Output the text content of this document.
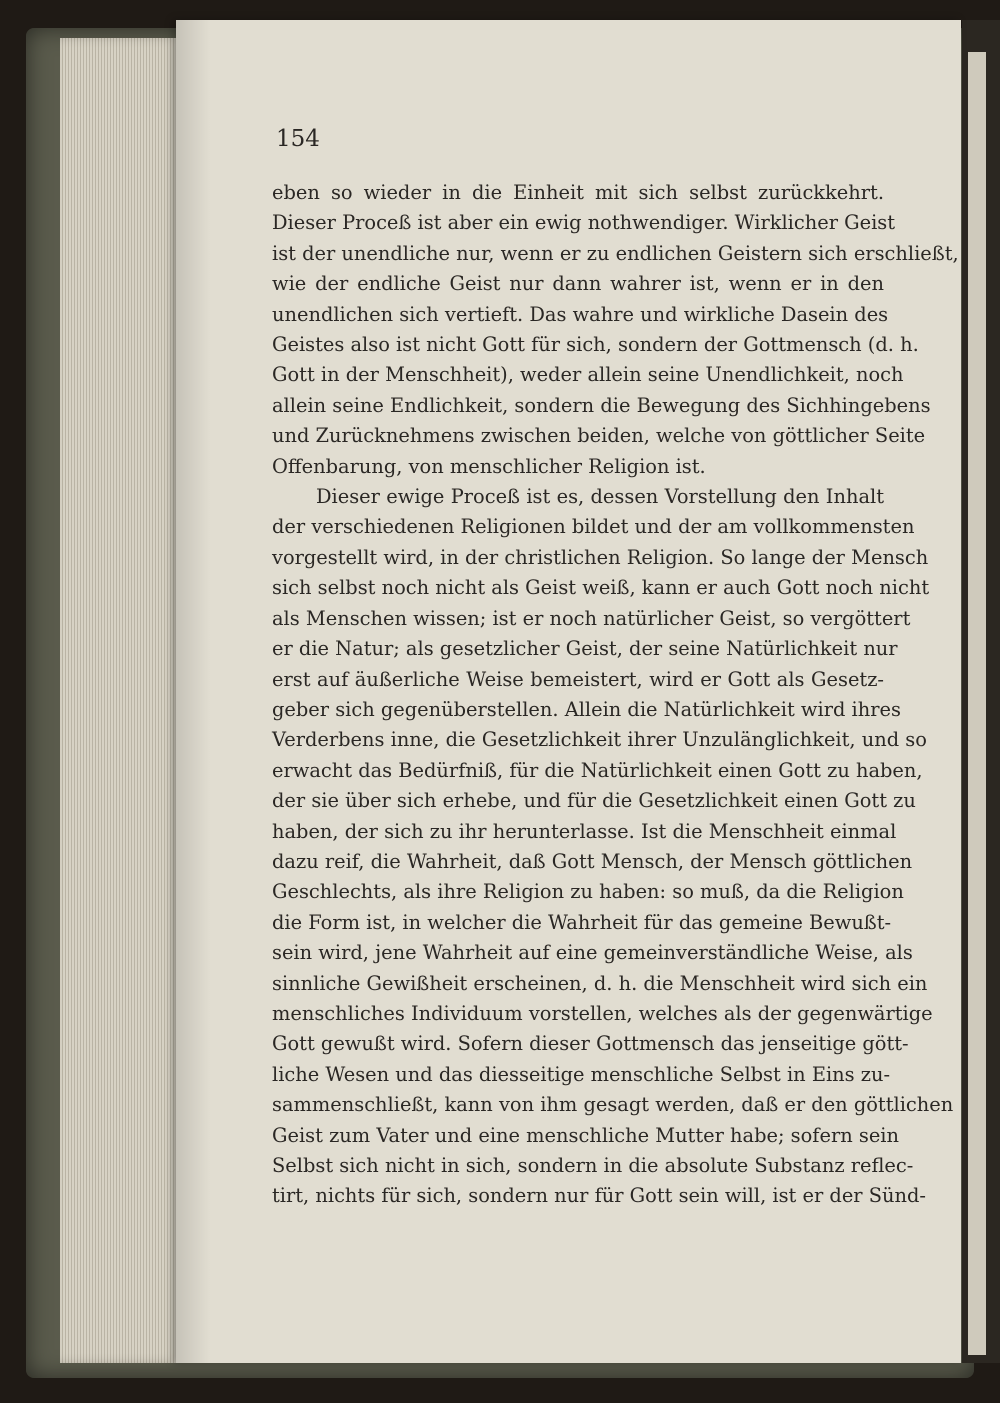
154
eben so wieder in die Einheit mit sich selbst zurückkehrt.
Dieser Proceß ist aber ein ewig nothwendiger. Wirklicher Geist
ist der unendliche nur, wenn er zu endlichen Geistern sich erschließt,
wie der endliche Geist nur dann wahrer ist, wenn er in den
unendlichen sich vertieft. Das wahre und wirkliche Dasein des
Geistes also ist nicht Gott für sich, sondern der Gottmensch (d. h.
Gott in der Menschheit), weder allein seine Unendlichkeit, noch
allein seine Endlichkeit, sondern die Bewegung des Sichhingebens
und Zurücknehmens zwischen beiden, welche von göttlicher Seite
Offenbarung, von menschlicher Religion ist.
Dieser ewige Proceß ist es, dessen Vorstellung den Inhalt
der verschiedenen Religionen bildet und der am vollkommensten
vorgestellt wird, in der christlichen Religion. So lange der Mensch
sich selbst noch nicht als Geist weiß, kann er auch Gott noch nicht
als Menschen wissen; ist er noch natürlicher Geist, so vergöttert
er die Natur; als gesetzlicher Geist, der seine Natürlichkeit nur
erst auf äußerliche Weise bemeistert, wird er Gott als Gesetz-
geber sich gegenüberstellen. Allein die Natürlichkeit wird ihres
Verderbens inne, die Gesetzlichkeit ihrer Unzulänglichkeit, und so
erwacht das Bedürfniß, für die Natürlichkeit einen Gott zu haben,
der sie über sich erhebe, und für die Gesetzlichkeit einen Gott zu
haben, der sich zu ihr herunterlasse. Ist die Menschheit einmal
dazu reif, die Wahrheit, daß Gott Mensch, der Mensch göttlichen
Geschlechts, als ihre Religion zu haben: so muß, da die Religion
die Form ist, in welcher die Wahrheit für das gemeine Bewußt-
sein wird, jene Wahrheit auf eine gemeinverständliche Weise, als
sinnliche Gewißheit erscheinen, d. h. die Menschheit wird sich ein
menschliches Individuum vorstellen, welches als der gegenwärtige
Gott gewußt wird. Sofern dieser Gottmensch das jenseitige gött-
liche Wesen und das diesseitige menschliche Selbst in Eins zu-
sammenschließt, kann von ihm gesagt werden, daß er den göttlichen
Geist zum Vater und eine menschliche Mutter habe; sofern sein
Selbst sich nicht in sich, sondern in die absolute Substanz reflec-
tirt, nichts für sich, sondern nur für Gott sein will, ist er der Sünd-
